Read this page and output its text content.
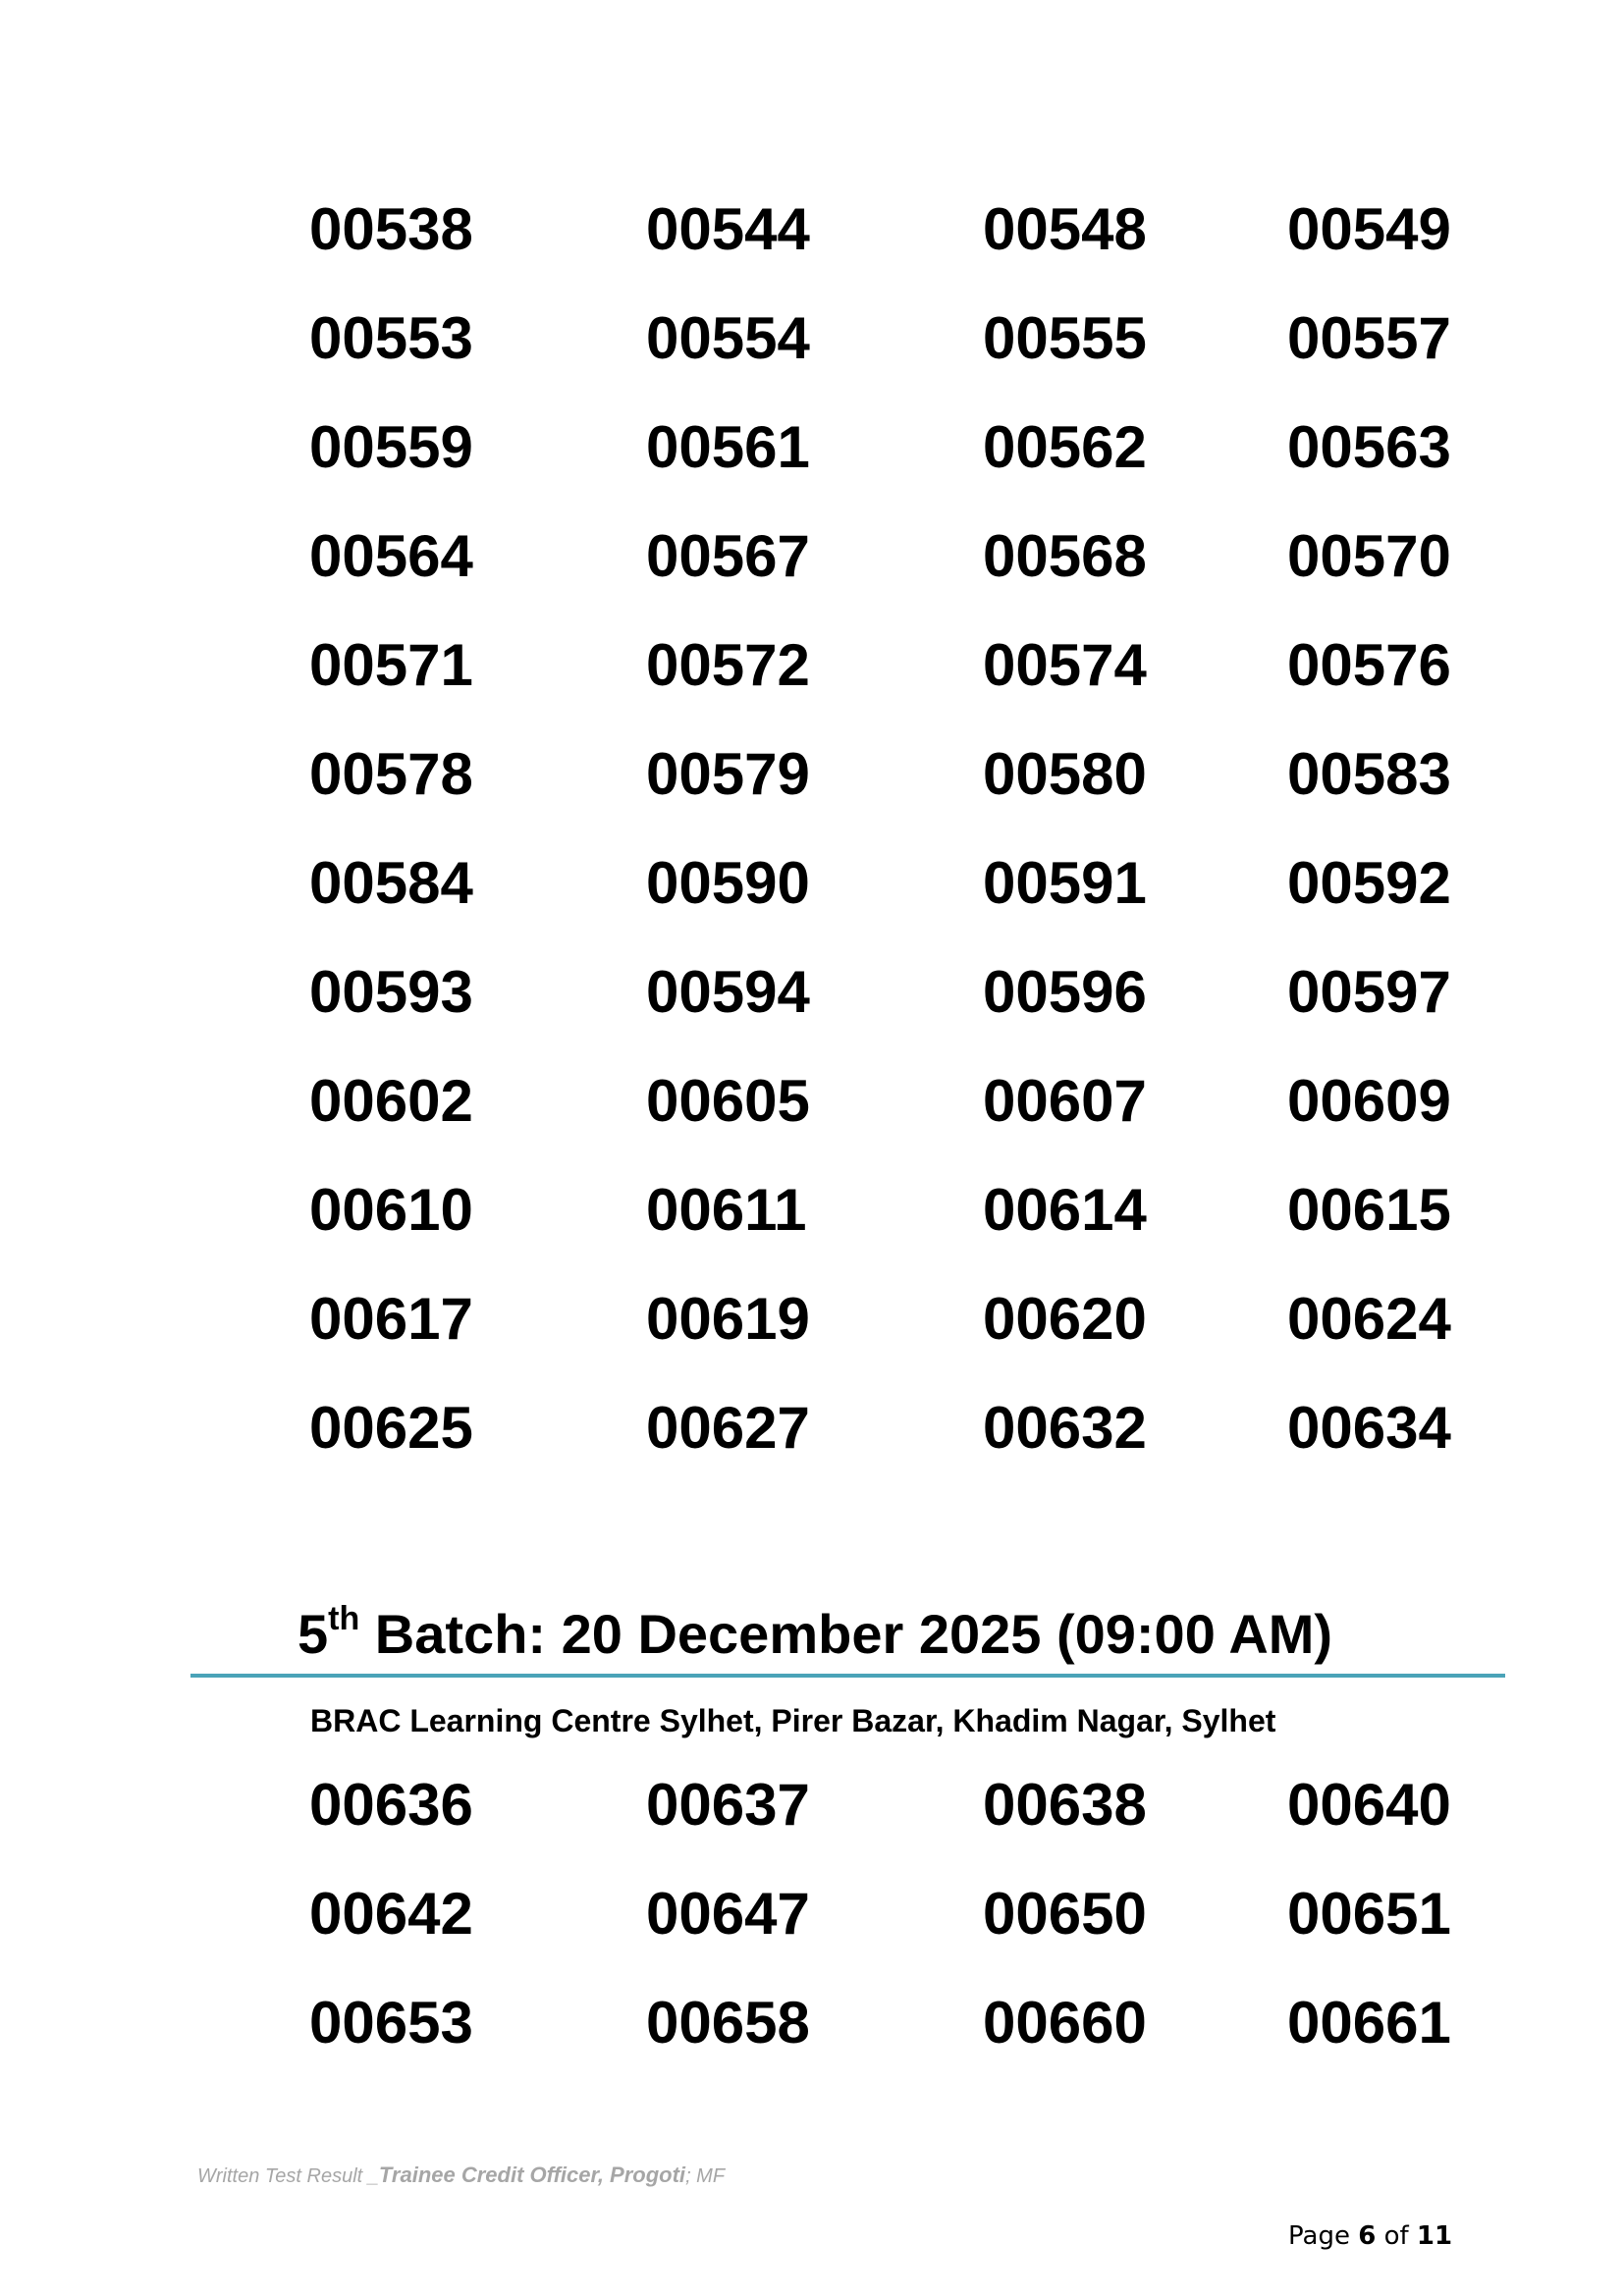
00538	00544	00548 00549
00553	00554	00555 00557
00559	00561	00562 00563
00564	00567	00568 00570
00571	00572	00574 00576
00578	00579	00580 00583
00584	00590	00591 00592
00593	00594	00596 00597
00602	00605	00607 00609
00610	00611	00614 00615
00617	00619	00620 00624
00625	00627	00632 00634
5th Batch: 20 December 2025 (09:00 AM)
BRAC Learning Centre Sylhet, Pirer Bazar, Khadim Nagar, Sylhet
00636	00637	00638 00640
00642	00647	00650 00651
00653	00658	00660 00661
Written Test Result _Trainee Credit Officer, Progoti; MF
Page 6 of 11
